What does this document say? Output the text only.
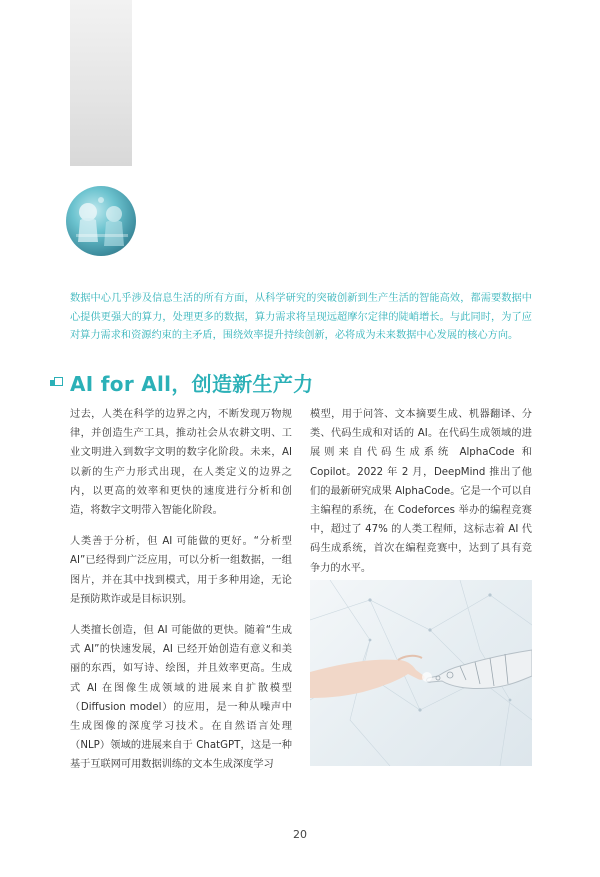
数据中心几乎涉及信息生活的所有方面，从科学研究的突破创新到生产生活的智能高效，都需要数据中心提供更强大的算力，处理更多的数据，算力需求将呈现远超摩尔定律的陡峭增长。与此同时，为了应对算力需求和资源约束的主矛盾，围绕效率提升持续创新，必将成为未来数据中心发展的核心方向。
AI for All，创造新生产力

过去，人类在科学的边界之内，不断发现万物规律，并创造生产工具，推动社会从农耕文明、工业文明进入到数字文明的数字化阶段。未来，AI以新的生产力形式出现，在人类定义的边界之内，以更高的效率和更快的速度进行分析和创造，将数字文明带入智能化阶段。

人类善于分析，但 AI 可能做的更好。“分析型AI”已经得到广泛应用，可以分析一组数据，一组图片，并在其中找到模式，用于多种用途，无论是预防欺诈或是目标识别。

人类擅长创造，但 AI 可能做的更快。随着“生成式 AI”的快速发展，AI 已经开始创造有意义和美丽的东西，如写诗、绘图，并且效率更高。生成式 AI 在图像生成领域的进展来自扩散模型（Diffusion model）的应用，是一种从噪声中生成图像的深度学习技术。在自然语言处理（NLP）领域的进展来自于 ChatGPT，这是一种基于互联网可用数据训练的文本生成深度学习

模型，用于问答、文本摘要生成、机器翻译、分类、代码生成和对话的 AI。在代码生成领域的进展则来自代码生成系统 AlphaCode 和 Copilot。2022 年 2 月，DeepMind 推出了他们的最新研究成果 AlphaCode。它是一个可以自主编程的系统，在 Codeforces 举办的编程竞赛中，超过了 47% 的人类工程师，这标志着 AI 代码生成系统，首次在编程竞赛中，达到了具有竞争力的水平。

20
